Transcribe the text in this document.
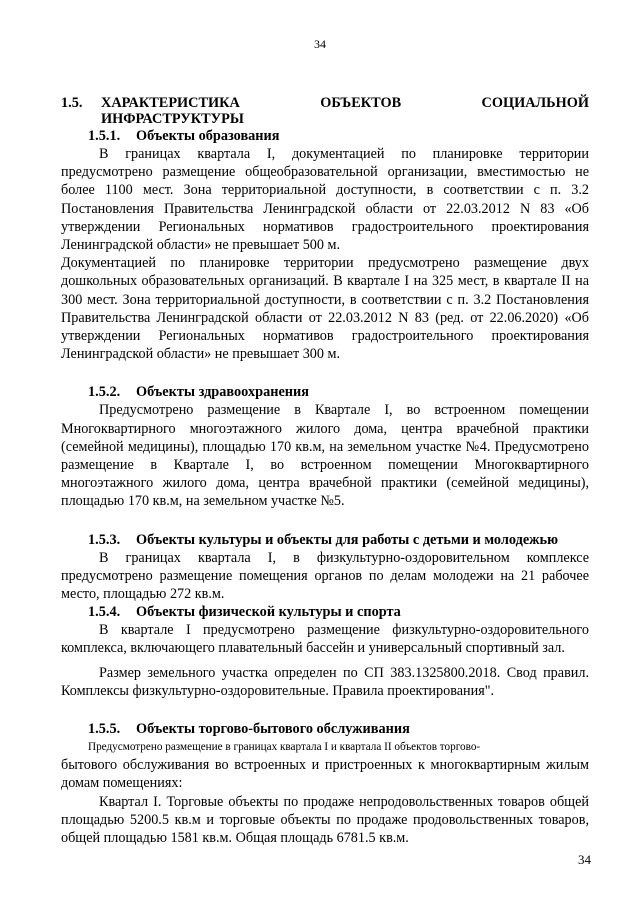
34
1.5.	ХАРАКТЕРИСТИКА ОБЪЕКТОВ СОЦИАЛЬНОЙ
ИНФРАСТРУКТУРЫ
1.5.1. Объекты образования

В границах квартала I, документацией по планировке территории предусмотрено размещение общеобразовательной организации, вместимостью не более 1100 мест. Зона территориальной доступности, в соответствии с п. 3.2 Постановления Правительства Ленинградской области от 22.03.2012 N 83 «Об утверждении Региональных нормативов градостроительного проектирования Ленинградской области» не превышает 500 м.

Документацией по планировке территории предусмотрено размещение двух дошкольных образовательных организаций. В квартале I на 325 мест, в квартале II на 300 мест. Зона территориальной доступности, в соответствии с п. 3.2 Постановления Правительства Ленинградской области от 22.03.2012 N 83 (ред. от 22.06.2020) «Об утверждении Региональных нормативов градостроительного проектирования Ленинградской области» не превышает 300 м.

1.5.2. Объекты здравоохранения

Предусмотрено размещение в Квартале I, во встроенном помещении Многоквартирного многоэтажного жилого дома, центра врачебной практики (семейной медицины), площадью 170 кв.м, на земельном участке №4. Предусмотрено размещение в Квартале I, во встроенном помещении Многоквартирного многоэтажного жилого дома, центра врачебной практики (семейной медицины), площадью 170 кв.м, на земельном участке №5.

1.5.3. Объекты культуры и объекты для работы с детьми и молодежью

В границах квартала I, в физкультурно-оздоровительном комплексе предусмотрено размещение помещения органов по делам молодежи на 21 рабочее место, площадью 272 кв.м.

1.5.4. Объекты физической культуры и спорта

В квартале I предусмотрено размещение физкультурно-оздоровительного комплекса, включающего плавательный бассейн и универсальный спортивный зал.

Размер земельного участка определен по СП 383.1325800.2018. Свод правил. Комплексы физкультурно-оздоровительные. Правила проектирования".

1.5.5. Объекты торгово-бытового обслуживания

Предусмотрено размещение в границах квартала I и квартала II объектов торгово-

бытового обслуживания во встроенных и пристроенных к многоквартирным жилым домам помещениях:

Квартал I. Торговые объекты по продаже непродовольственных товаров общей площадью 5200.5 кв.м и торговые объекты по продаже продовольственных товаров, общей площадью 1581 кв.м. Общая площадь 6781.5 кв.м.

34
